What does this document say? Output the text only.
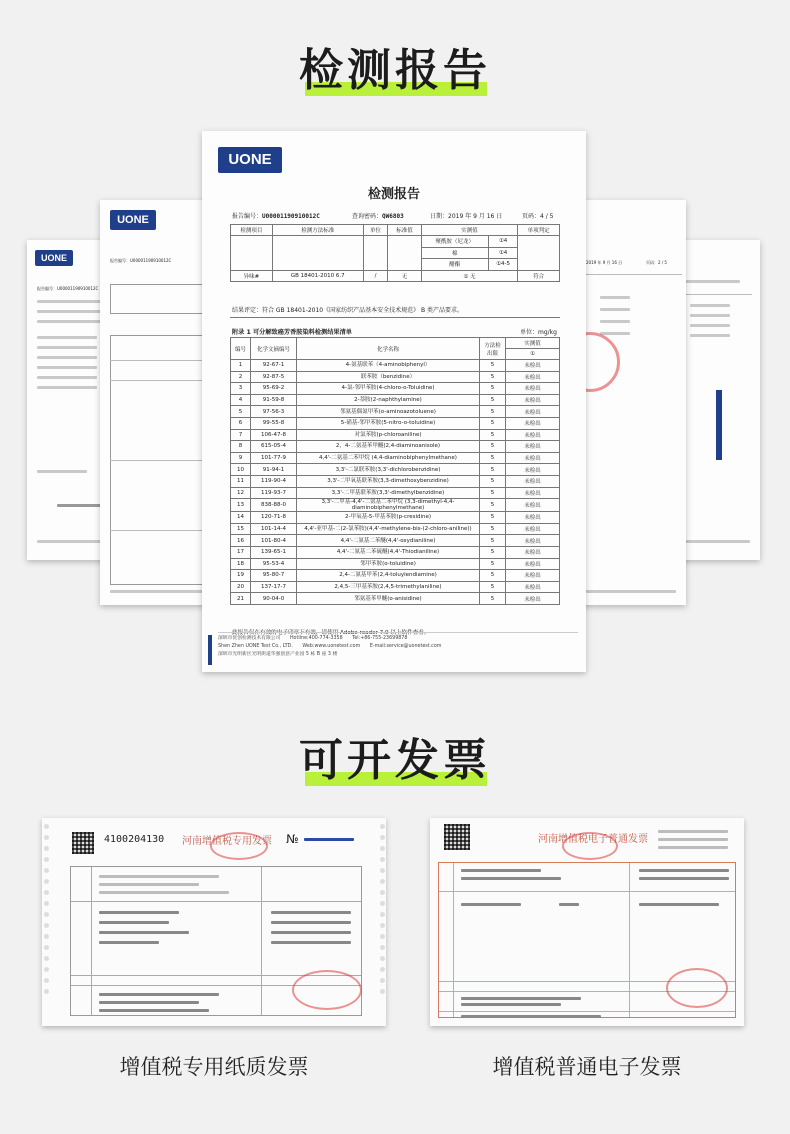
检测报告
UONE
报告编号：U00001190910012C
UONE
报告编号：U00001190910012C	2019 年 9 月 16 日	页码：2 / 5
UONE
检测报告
报告编号：U00001190910012C	查询密码：QW6803	日期：2019 年 9 月 16 日	页码：4 / 5
检测项目	检测方法标准	单位	标准值	实测值		单项判定
				聚酰胺（尼龙）	①4	
				棉	①4	
				醋酯	①4-5	
异味#	GB 18401-2010 6.7	/	无	① 无		符合
结果评定：符合 GB 18401-2010《国家纺织产品基本安全技术规范》 B 类产品要求。
附录 1 可分解致癌芳香胺染料检测结果清单	单位：mg/kg
编号	化学文摘编号	化学名称	方法检出限	实测值
				①
1	92-67-1	4-氨基联苯（4-aminobiphenyl）	5	未检出
2	92-87-5	联苯胺（benzidine）	5	未检出
3	95-69-2	4-氯-邻甲苯胺(4-chloro-o-Toluidine)	5	未检出
4	91-59-8	2-萘胺(2-naphthylamine)	5	未检出
5	97-56-3	邻氨基偶氮甲苯(o-aminoazotoluene)	5	未检出
6	99-55-8	5-硝基-邻甲苯胺(5-nitro-o-toluidine)	5	未检出
7	106-47-8	对氯苯胺(p-chloroaniline)	5	未检出
8	615-05-4	2，4-二氨基苯甲醚(2,4-diaminoanisole)	5	未检出
9	101-77-9	4,4'-二氨基二苯甲烷 (4,4-diaminobiphenylmethane)	5	未检出
10	91-94-1	3,3'-二氯联苯胺(3,3'-dichlorobenzidine)	5	未检出
11	119-90-4	3,3'-二甲氧基联苯胺(3,3-dimethoxybenzidine)	5	未检出
12	119-93-7	3,3'-二甲基联苯胺(3,3'-dimethylbenzidine)	5	未检出
13	838-88-0	3,3'-二甲基-4,4'-二氨基二苯甲烷 (3,3-dimethyl-4,4-diaminobiphenylmethane)	5	未检出
14	120-71-8	2-甲氧基-5-甲基苯胺(p-cresidine)	5	未检出
15	101-14-4	4,4'-亚甲基-二(2-氯苯胺)(4,4'-methylene-bis-(2-chloro-aniline))	5	未检出
16	101-80-4	4,4'-二氨基二苯醚(4,4'-oxydianiline)	5	未检出
17	139-65-1	4,4'-二氨基二苯硫醚(4,4'-Thiodianiline)	5	未检出
18	95-53-4	邻甲苯胺(o-toluidine)	5	未检出
19	95-80-7	2,4-二氨基甲苯(2,4-toluylendiamine)	5	未检出
20	137-17-7	2,4,5-三甲基苯胺(2,4,5-trimethylaniline)	5	未检出
21	90-04-0	邻氨基苯甲醚(o-anisidine)	5	未检出
此报告仅在有效的电子印章下有效，请使用 Adobe reader 7.0 以上软件查看。
深圳市优创检测技术有限公司　　Hotline:400-774-3358　　Tel:+86-755-23699878
Shen Zhen UONE Test Co., LTD.　　Web:www.uonetest.com　　E-mail:service@uonetest.com
深圳市光明新区光明街道华强创意产业园 5 栋 B 座 3 楼
可开发票
4100204130 河南增值税专用发票 №
增值税专用纸质发票
河南增值税电子普通发票
增值税普通电子发票
